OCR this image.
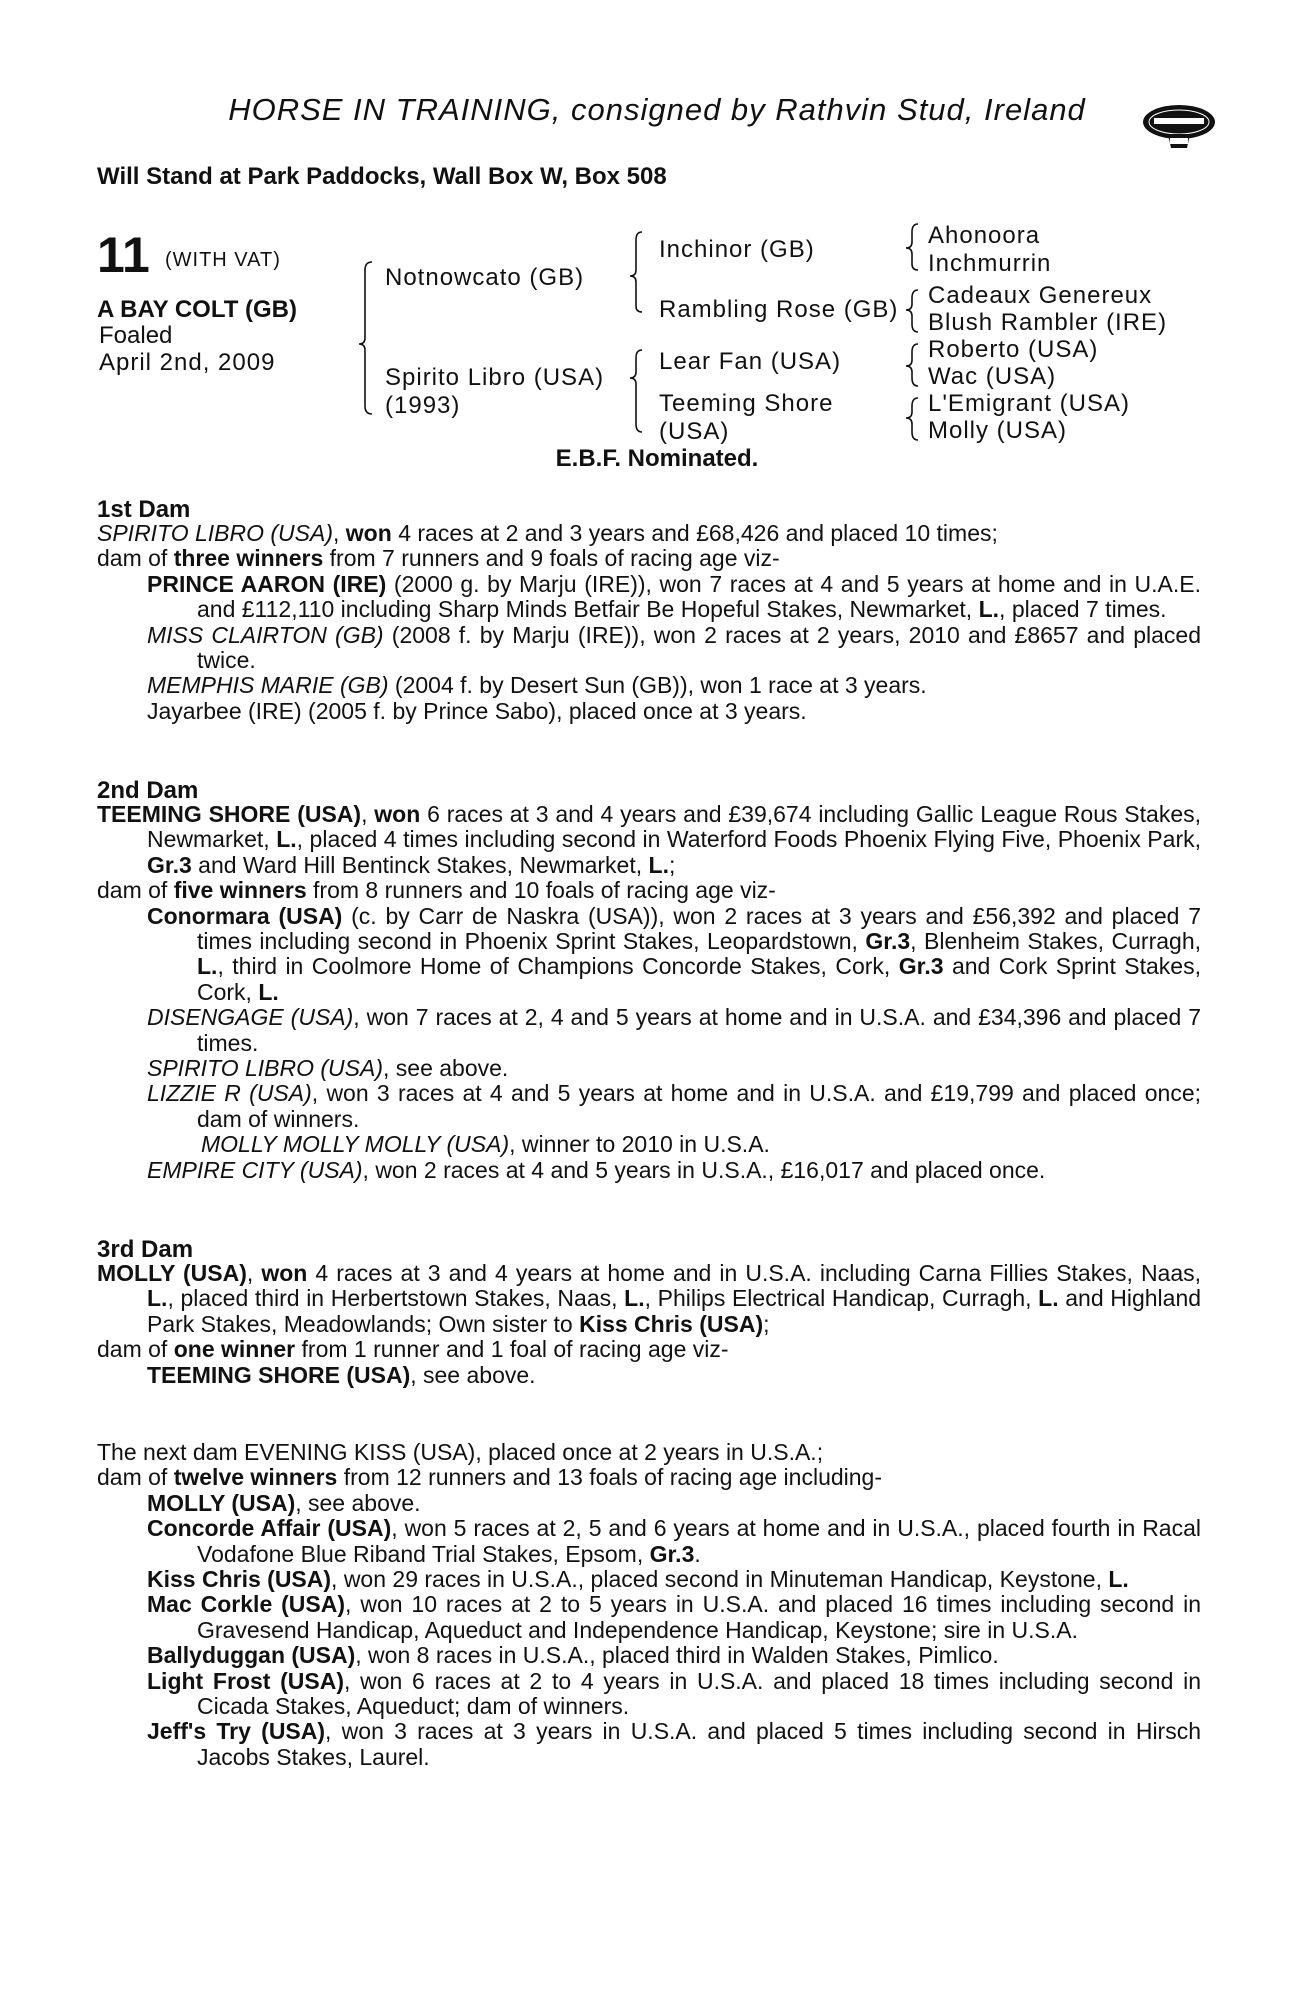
HORSE IN TRAINING, consigned by Rathvin Stud, Ireland
Will Stand at Park Paddocks, Wall Box W, Box 508
11 (WITH VAT)
A BAY COLT (GB)
Foaled
April 2nd, 2009
Notnowcato (GB)
Spirito Libro (USA)
(1993)
Inchinor (GB)
Rambling Rose (GB)
Lear Fan (USA)
Teeming Shore
(USA)
Ahonoora
Inchmurrin
Cadeaux Genereux
Blush Rambler (IRE)
Roberto (USA)
Wac (USA)
L'Emigrant (USA)
Molly (USA)
E.B.F. Nominated.
1st Dam

SPIRITO LIBRO (USA), won 4 races at 2 and 3 years and £68,426 and placed 10 times;

dam of three winners from 7 runners and 9 foals of racing age viz-

PRINCE AARON (IRE) (2000 g. by Marju (IRE)), won 7 races at 4 and 5 years at home and in U.A.E. and £112,110 including Sharp Minds Betfair Be Hopeful Stakes, Newmarket, L., placed 7 times.

MISS CLAIRTON (GB) (2008 f. by Marju (IRE)), won 2 races at 2 years, 2010 and £8657 and placed twice.

MEMPHIS MARIE (GB) (2004 f. by Desert Sun (GB)), won 1 race at 3 years.

Jayarbee (IRE) (2005 f. by Prince Sabo), placed once at 3 years.

2nd Dam

TEEMING SHORE (USA), won 6 races at 3 and 4 years and £39,674 including Gallic League Rous Stakes, Newmarket, L., placed 4 times including second in Waterford Foods Phoenix Flying Five, Phoenix Park, Gr.3 and Ward Hill Bentinck Stakes, Newmarket, L.;

dam of five winners from 8 runners and 10 foals of racing age viz-

Conormara (USA) (c. by Carr de Naskra (USA)), won 2 races at 3 years and £56,392 and placed 7 times including second in Phoenix Sprint Stakes, Leopardstown, Gr.3, Blenheim Stakes, Curragh, L., third in Coolmore Home of Champions Concorde Stakes, Cork, Gr.3 and Cork Sprint Stakes, Cork, L.

DISENGAGE (USA), won 7 races at 2, 4 and 5 years at home and in U.S.A. and £34,396 and placed 7 times.

SPIRITO LIBRO (USA), see above.

LIZZIE R (USA), won 3 races at 4 and 5 years at home and in U.S.A. and £19,799 and placed once; dam of winners.

MOLLY MOLLY MOLLY (USA), winner to 2010 in U.S.A.

EMPIRE CITY (USA), won 2 races at 4 and 5 years in U.S.A., £16,017 and placed once.

3rd Dam

MOLLY (USA), won 4 races at 3 and 4 years at home and in U.S.A. including Carna Fillies Stakes, Naas, L., placed third in Herbertstown Stakes, Naas, L., Philips Electrical Handicap, Curragh, L. and Highland Park Stakes, Meadowlands; Own sister to Kiss Chris (USA);

dam of one winner from 1 runner and 1 foal of racing age viz-

TEEMING SHORE (USA), see above.

The next dam EVENING KISS (USA), placed once at 2 years in U.S.A.;

dam of twelve winners from 12 runners and 13 foals of racing age including-

MOLLY (USA), see above.

Concorde Affair (USA), won 5 races at 2, 5 and 6 years at home and in U.S.A., placed fourth in Racal Vodafone Blue Riband Trial Stakes, Epsom, Gr.3.

Kiss Chris (USA), won 29 races in U.S.A., placed second in Minuteman Handicap, Keystone, L.

Mac Corkle (USA), won 10 races at 2 to 5 years in U.S.A. and placed 16 times including second in Gravesend Handicap, Aqueduct and Independence Handicap, Keystone; sire in U.S.A.

Ballyduggan (USA), won 8 races in U.S.A., placed third in Walden Stakes, Pimlico.

Light Frost (USA), won 6 races at 2 to 4 years in U.S.A. and placed 18 times including second in Cicada Stakes, Aqueduct; dam of winners.

Jeff's Try (USA), won 3 races at 3 years in U.S.A. and placed 5 times including second in Hirsch Jacobs Stakes, Laurel.
